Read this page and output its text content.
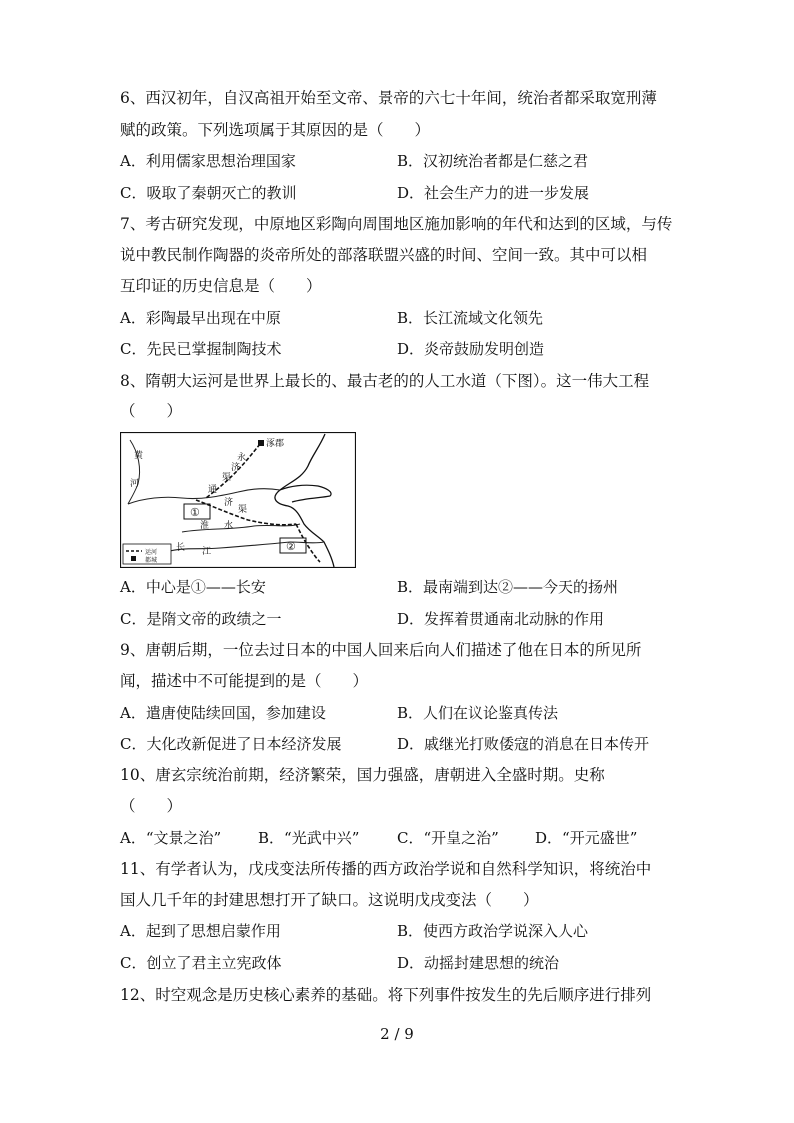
6、西汉初年，自汉高祖开始至文帝、景帝的六七十年间，统治者都采取宽刑薄
赋的政策。下列选项属于其原因的是（　　）
A．利用儒家思想治理国家	B．汉初统治者都是仁慈之君
C．吸取了秦朝灭亡的教训	D．社会生产力的进一步发展
7、考古研究发现，中原地区彩陶向周围地区施加影响的年代和达到的区域，与传
说中教民制作陶器的炎帝所处的部落联盟兴盛的时间、空间一致。其中可以相
互印证的历史信息是（　　）
A．彩陶最早出现在中原	B．长江流域文化领先
C．先民已掌握制陶技术	D．炎帝鼓励发明创造
8、隋朝大运河是世界上最长的、最古老的的人工水道（下图）。这一伟大工程
（　　）
涿郡
永
济
渠
通
济
渠
黄
河
①
②
淮 水
长 江
运河
都城
A．中心是①——长安	B．最南端到达②——今天的扬州
C．是隋文帝的政绩之一	D．发挥着贯通南北动脉的作用
9、唐朝后期，一位去过日本的中国人回来后向人们描述了他在日本的所见所
闻，描述中不可能提到的是（　　）
A．遣唐使陆续回国，参加建设	B．人们在议论鉴真传法
C．大化改新促进了日本经济发展	D．戚继光打败倭寇的消息在日本传开
10、唐玄宗统治前期，经济繁荣，国力强盛，唐朝进入全盛时期。史称
（　　）
A．“文景之治” B．“光武中兴”	C．“开皇之治” D．“开元盛世”
11、有学者认为，戊戌变法所传播的西方政治学说和自然科学知识，将统治中
国人几千年的封建思想打开了缺口。这说明戊戌变法（　　）
A．起到了思想启蒙作用	B．使西方政治学说深入人心
C．创立了君主立宪政体	D．动摇封建思想的统治
12、时空观念是历史核心素养的基础。将下列事件按发生的先后顺序进行排列
2 / 9
